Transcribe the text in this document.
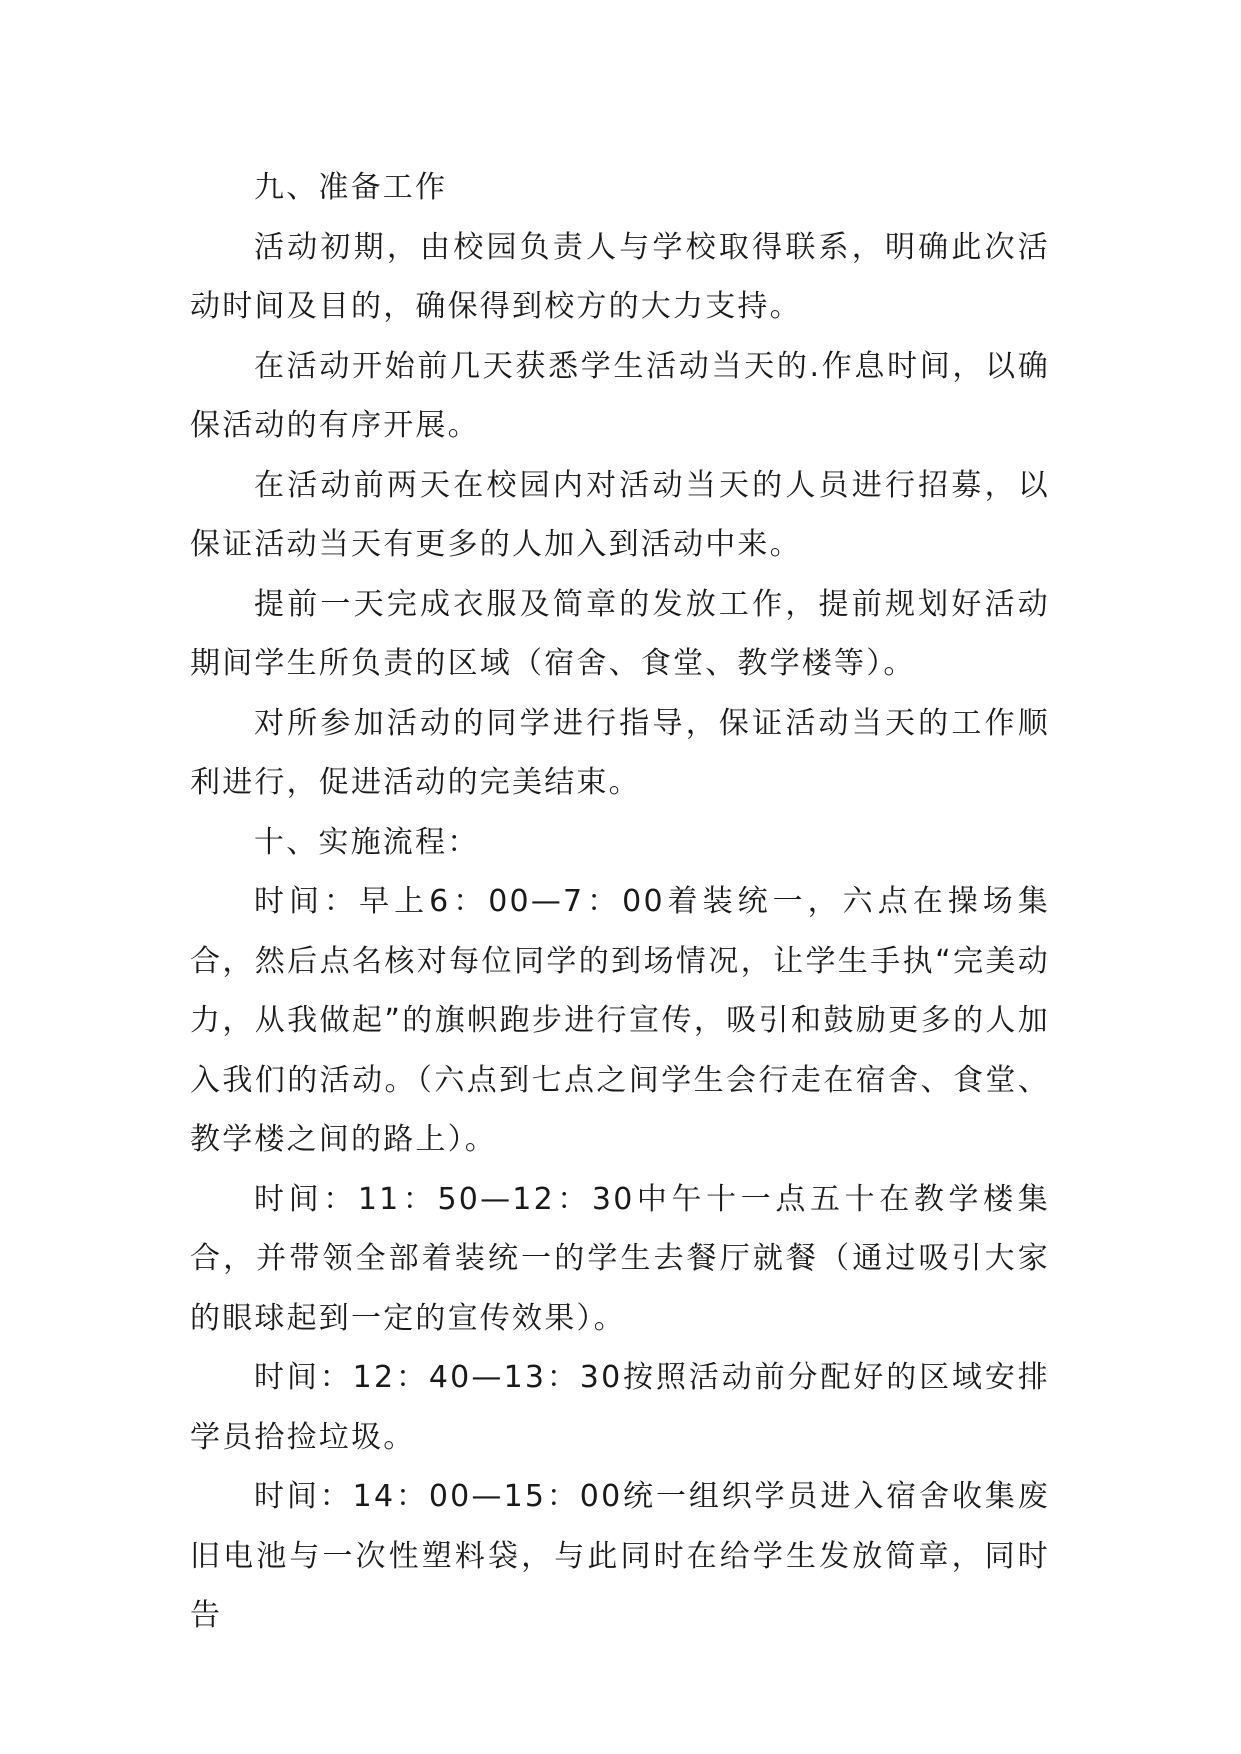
九、准备工作

活动初期，由校园负责人与学校取得联系，明确此次活动时间及目的，确保得到校方的大力支持。

在活动开始前几天获悉学生活动当天的.作息时间，以确保活动的有序开展。

在活动前两天在校园内对活动当天的人员进行招募，以保证活动当天有更多的人加入到活动中来。

提前一天完成衣服及简章的发放工作，提前规划好活动期间学生所负责的区域（宿舍、食堂、教学楼等）。

对所参加活动的同学进行指导，保证活动当天的工作顺利进行，促进活动的完美结束。

十、实施流程：

时间：早上6：00—7：00着装统一，六点在操场集合，然后点名核对每位同学的到场情况，让学生手执“完美动力，从我做起”的旗帜跑步进行宣传，吸引和鼓励更多的人加入我们的活动。（六点到七点之间学生会行走在宿舍、食堂、教学楼之间的路上）。

时间：11：50—12：30中午十一点五十在教学楼集合，并带领全部着装统一的学生去餐厅就餐（通过吸引大家的眼球起到一定的宣传效果）。

时间：12：40—13：30按照活动前分配好的区域安排学员拾捡垃圾。

时间：14：00—15：00统一组织学员进入宿舍收集废旧电池与一次性塑料袋，与此同时在给学生发放简章，同时告
